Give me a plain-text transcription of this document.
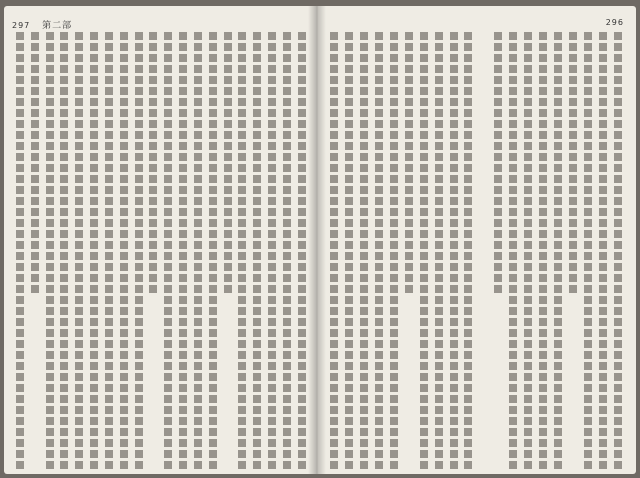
297 第二部	296
